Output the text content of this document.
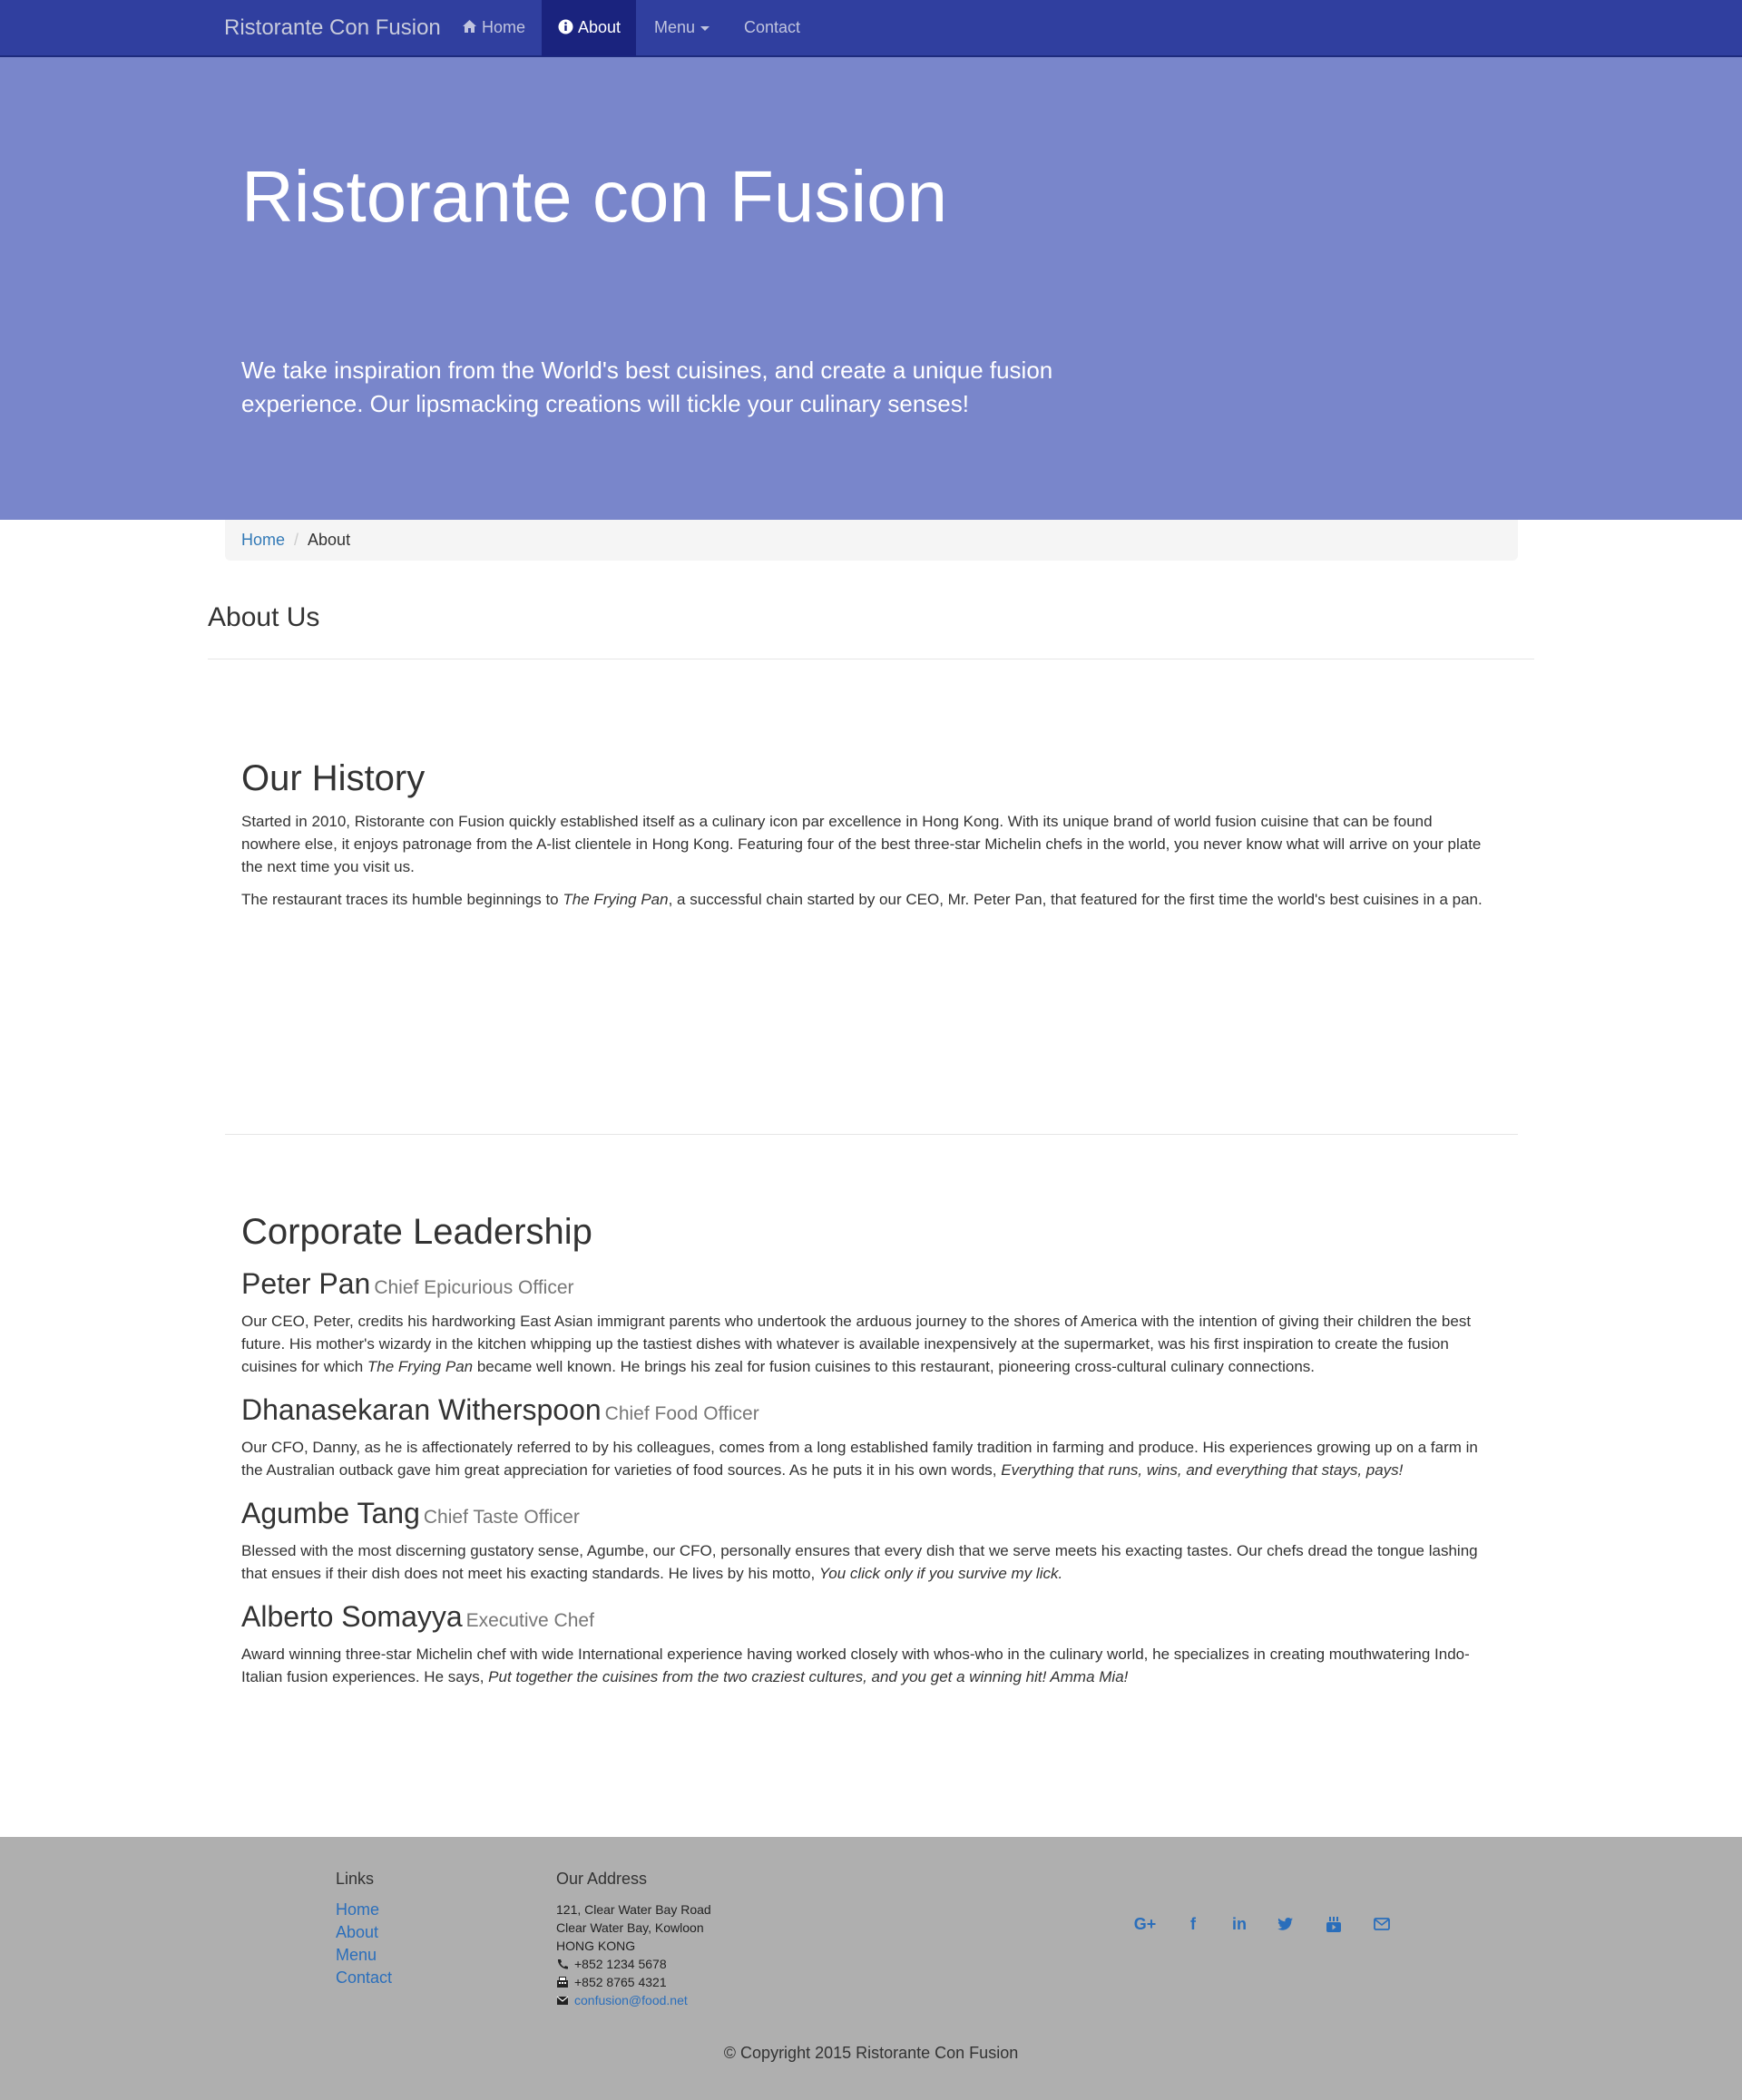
Ristorante Con Fusion	Home	About	Menu	Contact
Ristorante con Fusion

We take inspiration from the World's best cuisines, and create a unique fusion experience. Our lipsmacking creations will tickle your culinary senses!

Home / About
About Us
Our History

Started in 2010, Ristorante con Fusion quickly established itself as a culinary icon par excellence in Hong Kong. With its unique brand of world fusion cuisine that can be found nowhere else, it enjoys patronage from the A-list clientele in Hong Kong. Featuring four of the best three-star Michelin chefs in the world, you never know what will arrive on your plate the next time you visit us.

The restaurant traces its humble beginnings to The Frying Pan, a successful chain started by our CEO, Mr. Peter Pan, that featured for the first time the world's best cuisines in a pan.

Corporate Leadership
Peter Pan Chief Epicurious Officer

Our CEO, Peter, credits his hardworking East Asian immigrant parents who undertook the arduous journey to the shores of America with the intention of giving their children the best future. His mother's wizardy in the kitchen whipping up the tastiest dishes with whatever is available inexpensively at the supermarket, was his first inspiration to create the fusion cuisines for which The Frying Pan became well known. He brings his zeal for fusion cuisines to this restaurant, pioneering cross-cultural culinary connections.

Dhanasekaran Witherspoon Chief Food Officer

Our CFO, Danny, as he is affectionately referred to by his colleagues, comes from a long established family tradition in farming and produce. His experiences growing up on a farm in the Australian outback gave him great appreciation for varieties of food sources. As he puts it in his own words, Everything that runs, wins, and everything that stays, pays!

Agumbe Tang Chief Taste Officer

Blessed with the most discerning gustatory sense, Agumbe, our CFO, personally ensures that every dish that we serve meets his exacting tastes. Our chefs dread the tongue lashing that ensues if their dish does not meet his exacting standards. He lives by his motto, You click only if you survive my lick.

Alberto Somayya Executive Chef

Award winning three-star Michelin chef with wide International experience having worked closely with whos-who in the culinary world, he specializes in creating mouthwatering Indo-Italian fusion experiences. He says, Put together the cuisines from the two craziest cultures, and you get a winning hit! Amma Mia!

Links
Home
About
Menu
Contact
Our Address
121, Clear Water Bay Road
Clear Water Bay, Kowloon
HONG KONG
+852 1234 5678
+852 8765 4321
confusion@food.net
© Copyright 2015 Ristorante Con Fusion
G+	f	in
